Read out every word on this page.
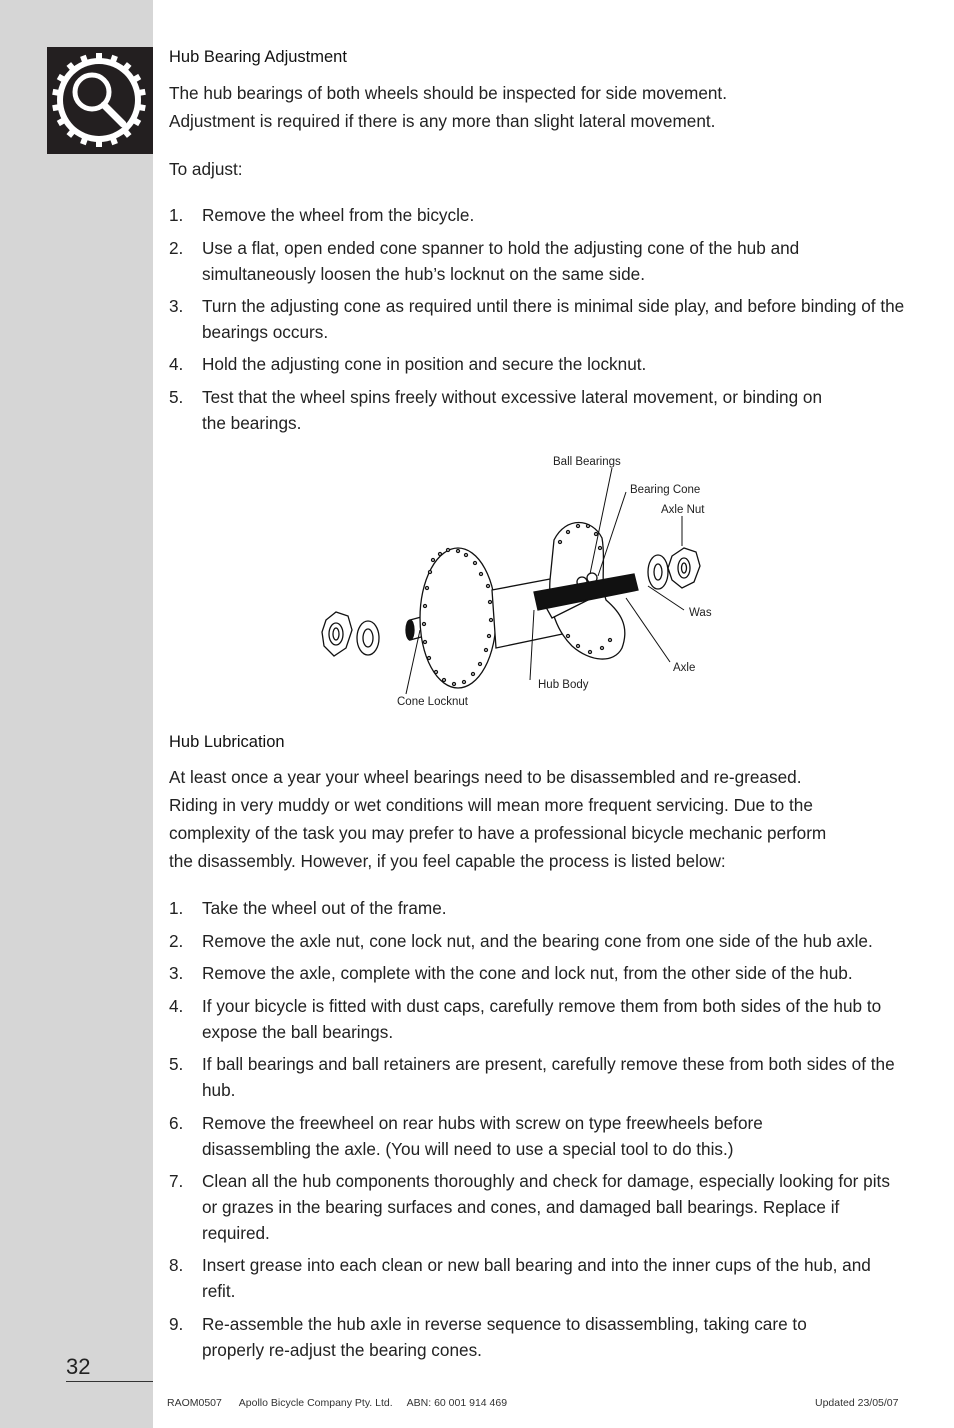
Hub Bearing Adjustment
The hub bearings of both wheels should be inspected for side movement.
Adjustment is required if there is any more than slight lateral movement.
To adjust:
1. Remove the wheel from the bicycle.
2. Use a flat, open ended cone spanner to hold the adjusting cone of the hub and simultaneously loosen the hub’s locknut on the same side.
3. Turn the adjusting cone as required until there is minimal side play, and before binding of the bearings occurs.
4. Hold the adjusting cone in position and secure the locknut.
5. Test that the wheel spins freely without excessive lateral movement, or binding on the bearings.
Ball Bearings
Bearing Cone
Axle Nut
Was
Axle
Hub Body
Cone Locknut
Hub Lubrication
At least once a year your wheel bearings need to be disassembled and re-greased.
Riding in very muddy or wet conditions will mean more frequent servicing. Due to the
complexity of the task you may prefer to have a professional bicycle mechanic perform
the disassembly. However, if you feel capable the process is listed below:
1. Take the wheel out of the frame.
2. Remove the axle nut, cone lock nut, and the bearing cone from one side of the hub axle.
3. Remove the axle, complete with the cone and lock nut, from the other side of the hub.
4. If your bicycle is fitted with dust caps, carefully remove them from both sides of the hub to expose the ball bearings.
5. If ball bearings and ball retainers are present, carefully remove these from both sides of the hub.
6. Remove the freewheel on rear hubs with screw on type freewheels before disassembling the axle. (You will need to use a special tool to do this.)
7. Clean all the hub components thoroughly and check for damage, especially looking for pits or grazes in the bearing surfaces and cones, and damaged ball bearings. Replace if required.
8. Insert grease into each clean or new ball bearing and into the inner cups of the hub, and refit.
9. Re-assemble the hub axle in reverse sequence to disassembling, taking care to properly re-adjust the bearing cones.
32
RAOM0507      Apollo Bicycle Company Pty. Ltd.     ABN: 60 001 914 469	Updated 23/05/07
